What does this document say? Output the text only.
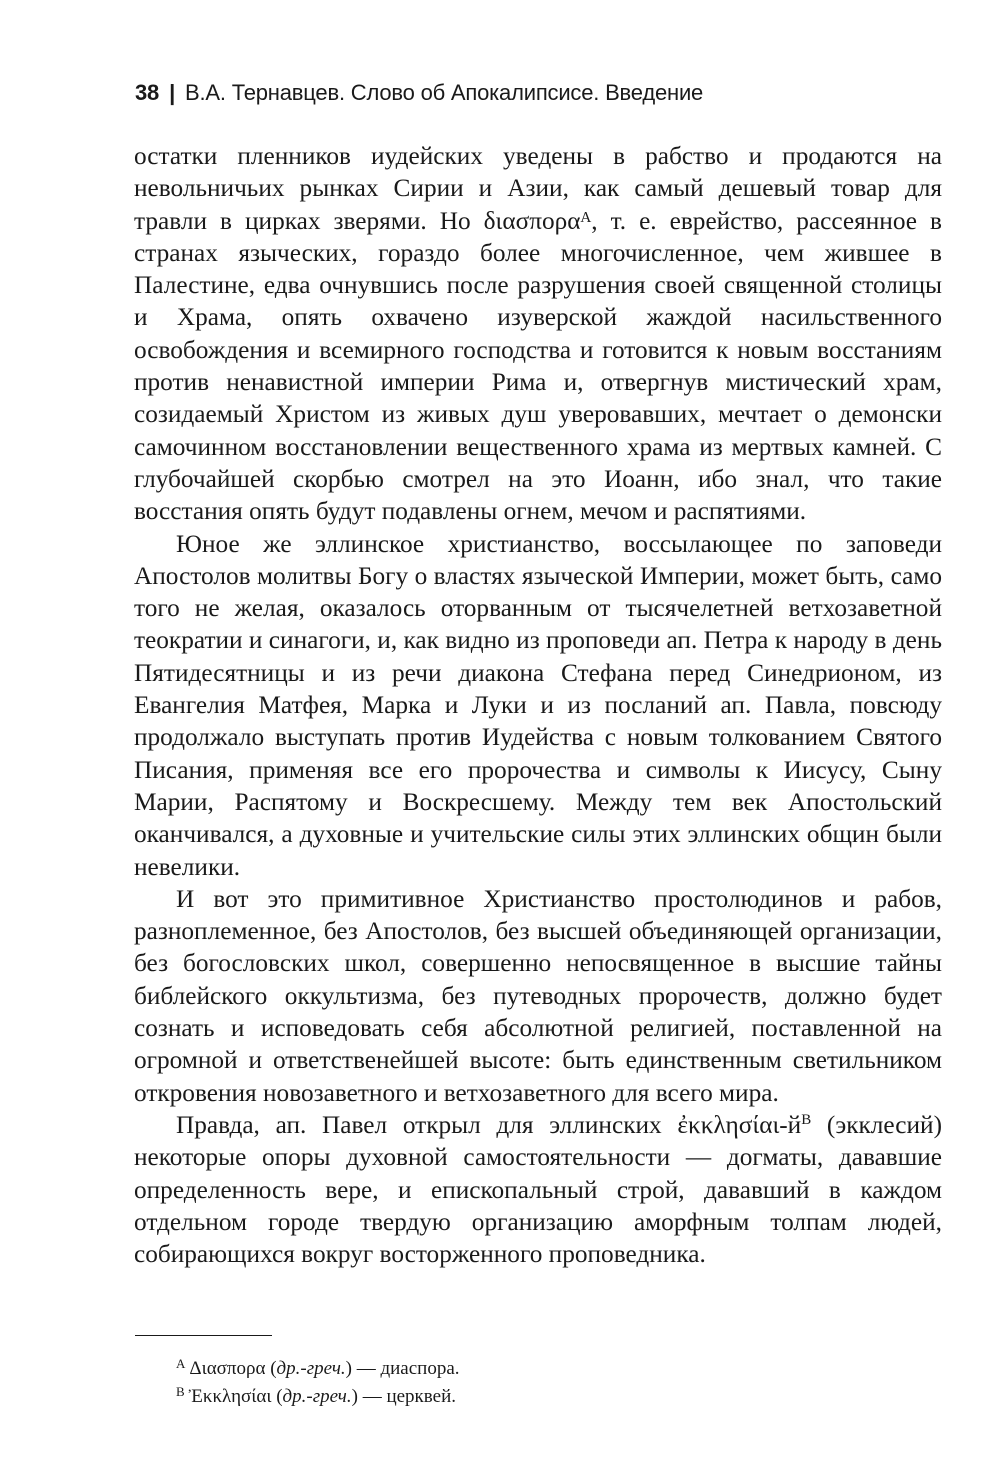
38 | В.А. Тернавцев. Слово об Апокалипсисе. Введение

остатки пленников иудейских уведены в рабство и продаются на невольничьих рынках Сирии и Азии, как самый дешевый товар для травли в цирках зверями. Но διασποραᴬ, т. е. еврейство, рассеянное в странах языческих, гораздо более многочисленное, чем жившее в Палестине, едва очнувшись после разрушения своей священной столицы и Храма, опять охвачено изуверской жаждой насильственного освобождения и всемирного господства и готовится к новым восстаниям против ненавистной империи Рима и, отвергнув мистический храм, созидаемый Христом из живых душ уверовавших, мечтает о демонски самочинном восстановлении вещественного храма из мертвых камней. С глубочайшей скорбью смотрел на это Иоанн, ибо знал, что такие восстания опять будут подавлены огнем, мечом и распятиями.

Юное же эллинское христианство, воссылающее по заповеди Апостолов молитвы Богу о властях языческой Империи, может быть, само того не желая, оказалось оторванным от тысячелетней ветхозаветной теократии и синагоги, и, как видно из проповеди ап. Петра к народу в день Пятидесятницы и из речи диакона Стефана перед Синедрионом, из Евангелия Матфея, Марка и Луки и из посланий ап. Павла, повсюду продолжало выступать против Иудейства с новым толкованием Святого Писания, применяя все его пророчества и символы к Иисусу, Сыну Марии, Распятому и Воскресшему. Между тем век Апостольский оканчивался, а духовные и учительские силы этих эллинских общин были невелики.

И вот это примитивное Христианство простолюдинов и рабов, разноплеменное, без Апостолов, без высшей объединяющей организации, без богословских школ, совершенно непосвященное в высшие тайны библейского оккультизма, без путеводных пророчеств, должно будет сознать и исповедовать себя абсолютной религией, поставленной на огромной и ответственейшей высоте: быть единственным светильником откровения новозаветного и ветхозаветного для всего мира.

Правда, ап. Павел открыл для эллинских ἐκκλησίαι-$й^В$ (экклесий) некоторые опоры духовной самостоятельности — догматы, дававшие определенность вере, и епископальный строй, дававший в каждом отдельном городе твердую организацию аморфным толпам людей, собирающихся вокруг восторженного проповедника.

$^А$ Διασπορα (др.-греч.) — диаспора.
$^В$ Ἐκκλησίαι (др.-греч.) — церквей.
